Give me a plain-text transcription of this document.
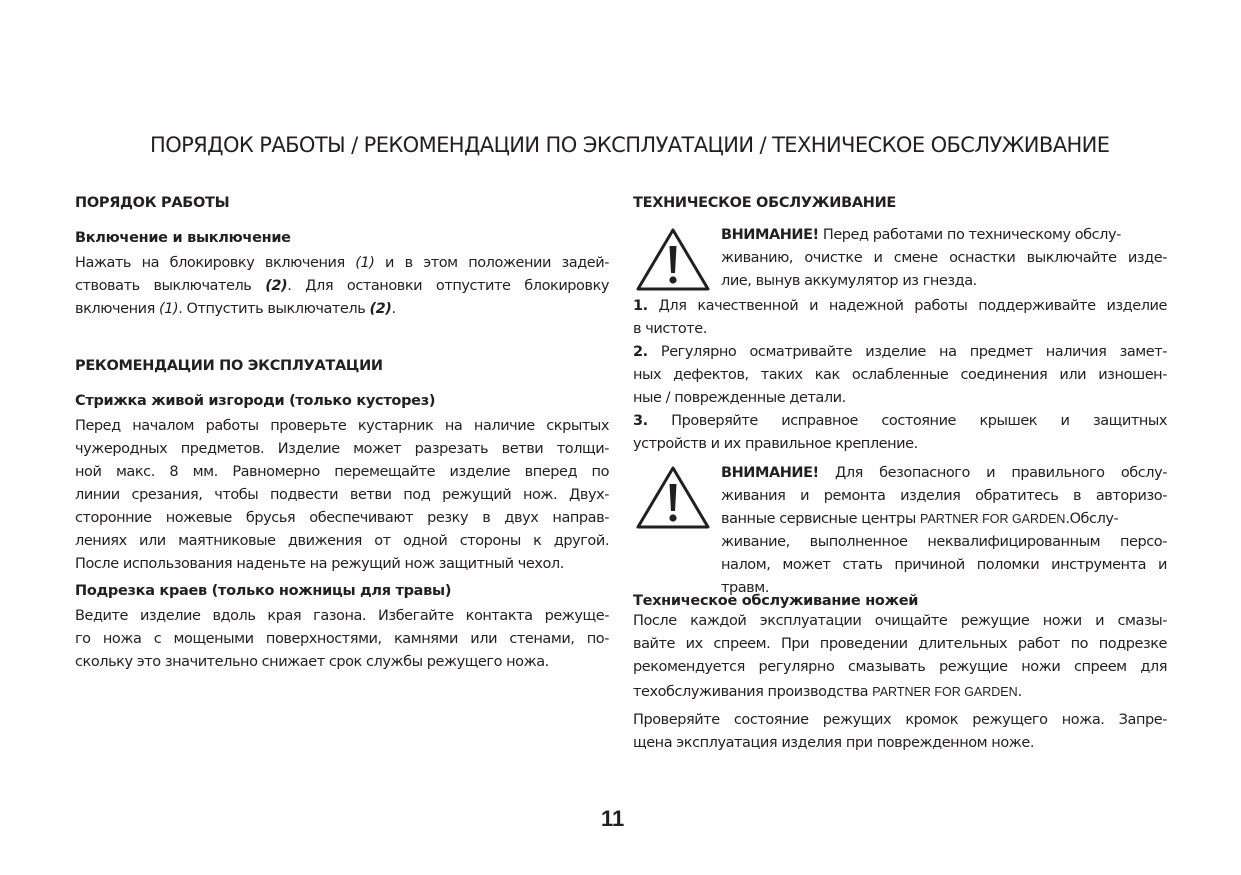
ПОРЯДОК РАБОТЫ / РЕКОМЕНДАЦИИ ПО ЭКСПЛУАТАЦИИ / ТЕХНИЧЕСКОЕ ОБСЛУЖИВАНИЕ
ПОРЯДОК РАБОТЫ
Включение и выключение
Нажать на блокировку включения (1) и в этом положении задей-
ствовать выключатель (2). Для остановки отпустите блокировку
включения (1). Отпустить выключатель (2).
РЕКОМЕНДАЦИИ ПО ЭКСПЛУАТАЦИИ
Стрижка живой изгороди (только кусторез)
Перед началом работы проверьте кустарник на наличие скрытых
чужеродных предметов. Изделие может разрезать ветви толщи-
ной макс. 8 мм. Равномерно перемещайте изделие вперед по
линии срезания, чтобы подвести ветви под режущий нож. Двух-
сторонние ножевые брусья обеспечивают резку в двух направ-
лениях или маятниковые движения от одной стороны к другой.
После использования наденьте на режущий нож защитный чехол.
Подрезка краев (только ножницы для травы)
Ведите изделие вдоль края газона. Избегайте контакта режуще-
го ножа с мощеными поверхностями, камнями или стенами, по-
скольку это значительно снижает срок службы режущего ножа.
ТЕХНИЧЕСКОЕ ОБСЛУЖИВАНИЕ
ВНИМАНИЕ! Перед работами по техническому обслу-
живанию, очистке и смене оснастки выключайте изде-
лие, вынув аккумулятор из гнезда.
1. Для качественной и надежной работы поддерживайте изделие
в чистоте.
2. Регулярно осматривайте изделие на предмет наличия замет-
ных дефектов, таких как ослабленные соединения или изношен-
ные / поврежденные детали.
3. Проверяйте исправное состояние крышек и защитных
устройств и их правильное крепление.
ВНИМАНИЕ! Для безопасного и правильного обслу-
живания и ремонта изделия обратитесь в авторизо-
ванные сервисные центры PARTNER FOR GARDEN.Обслу-
живание, выполненное неквалифицированным персо-
налом, может стать причиной поломки инструмента и
травм.
Техническое обслуживание ножей
После каждой эксплуатации очищайте режущие ножи и смазы-
вайте их спреем. При проведении длительных работ по подрезке
рекомендуется регулярно смазывать режущие ножи спреем для
техобслуживания производства PARTNER FOR GARDEN.
Проверяйте состояние режущих кромок режущего ножа. Запре-
щена эксплуатация изделия при поврежденном ноже.
11
